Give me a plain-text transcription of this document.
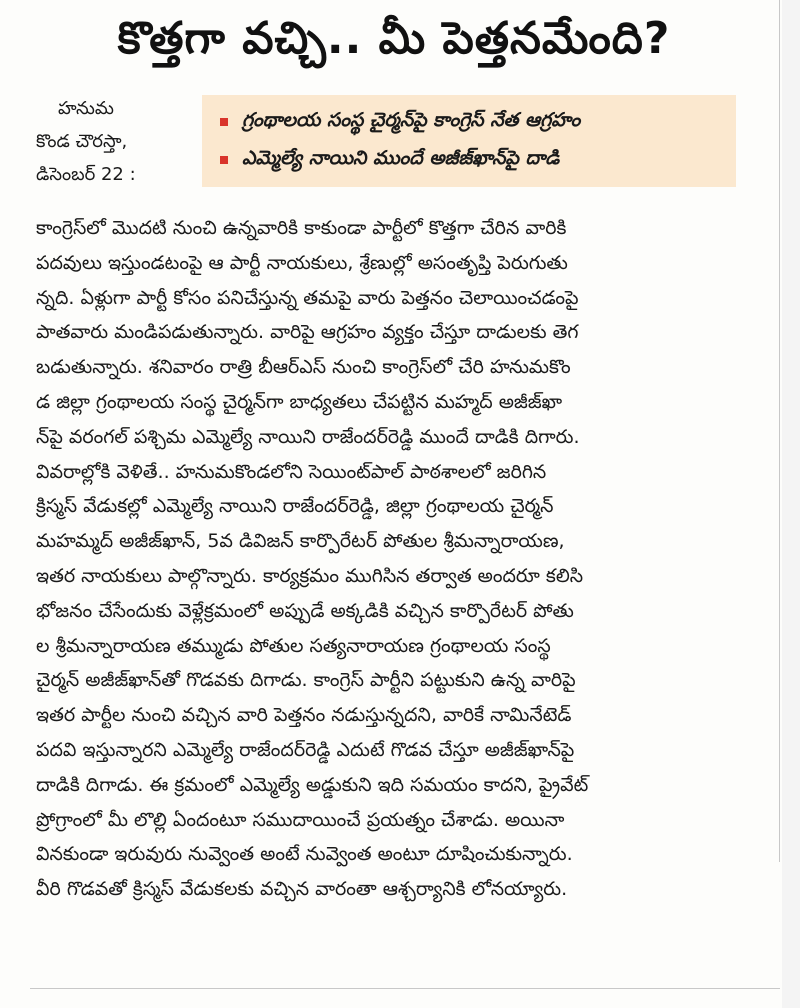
కొత్తగా వచ్చి.. మీ పెత్తనమేంది?
హనుమ
కొండ చౌరస్తా,
డిసెంబర్ 22 :
గ్రంథాలయ సంస్థ చైర్మన్‌పై కాంగ్రెస్ నేత ఆగ్రహం
ఎమ్మెల్యే నాయిని ముందే అజీజ్‌ఖాన్‌పై దాడి
కాంగ్రెస్‌లో మొదటి నుంచి ఉన్నవారికి కాకుండా పార్టీలో కొత్తగా చేరిన వారికి
పదవులు ఇస్తుండటంపై ఆ పార్టీ నాయకులు, శ్రేణుల్లో అసంతృప్తి పెరుగుతు
న్నది. ఏళ్లుగా పార్టీ కోసం పనిచేస్తున్న తమపై వారు పెత్తనం చెలాయించడంపై
పాతవారు మండిపడుతున్నారు. వారిపై ఆగ్రహం వ్యక్తం చేస్తూ దాడులకు తెగ
బడుతున్నారు. శనివారం రాత్రి బీఆర్‌ఎస్ నుంచి కాంగ్రెస్‌లో చేరి హనుమకొం
డ జిల్లా గ్రంథాలయ సంస్థ చైర్మన్‌గా బాధ్యతలు చేపట్టిన మహ్మద్ అజీజ్‌ఖా
న్‌పై వరంగల్ పశ్చిమ ఎమ్మెల్యే నాయిని రాజేందర్‌రెడ్డి ముందే దాడికి దిగారు.
వివరాల్లోకి వెళితే.. హనుమకొండలోని సెయింట్‌పాల్ పాఠశాలలో జరిగిన
క్రిస్మస్ వేడుకల్లో ఎమ్మెల్యే నాయిని రాజేందర్‌రెడ్డి, జిల్లా గ్రంథాలయ చైర్మన్
మహమ్మద్ అజీజ్‌ఖాన్, 5వ డివిజన్ కార్పొరేటర్ పోతుల శ్రీమన్నారాయణ,
ఇతర నాయకులు పాల్గొన్నారు. కార్యక్రమం ముగిసిన తర్వాత అందరూ కలిసి
భోజనం చేసేందుకు వెళ్లేక్రమంలో అప్పుడే అక్కడికి వచ్చిన కార్పొరేటర్ పోతు
ల శ్రీమన్నారాయణ తమ్ముడు పోతుల సత్యనారాయణ గ్రంథాలయ సంస్థ
చైర్మన్ అజీజ్‌ఖాన్‌తో గొడవకు దిగాడు. కాంగ్రెస్ పార్టీని పట్టుకుని ఉన్న వారిపై
ఇతర పార్టీల నుంచి వచ్చిన వారి పెత్తనం నడుస్తున్నదని, వారికే నామినేటెడ్
పదవి ఇస్తున్నారని ఎమ్మెల్యే రాజేందర్‌రెడ్డి ఎదుటే గొడవ చేస్తూ అజీజ్‌ఖాన్‌పై
దాడికి దిగాడు. ఈ క్రమంలో ఎమ్మెల్యే అడ్డుకుని ఇది సమయం కాదని, ప్రైవేట్
ప్రోగ్రాంలో మీ లొల్లి ఏందంటూ సముదాయించే ప్రయత్నం చేశాడు. అయినా
వినకుండా ఇరువురు నువ్వెంత అంటే నువ్వెంత అంటూ దూషించుకున్నారు.
వీరి గొడవతో క్రిస్మస్ వేడుకలకు వచ్చిన వారంతా ఆశ్చర్యానికి లోనయ్యారు.
